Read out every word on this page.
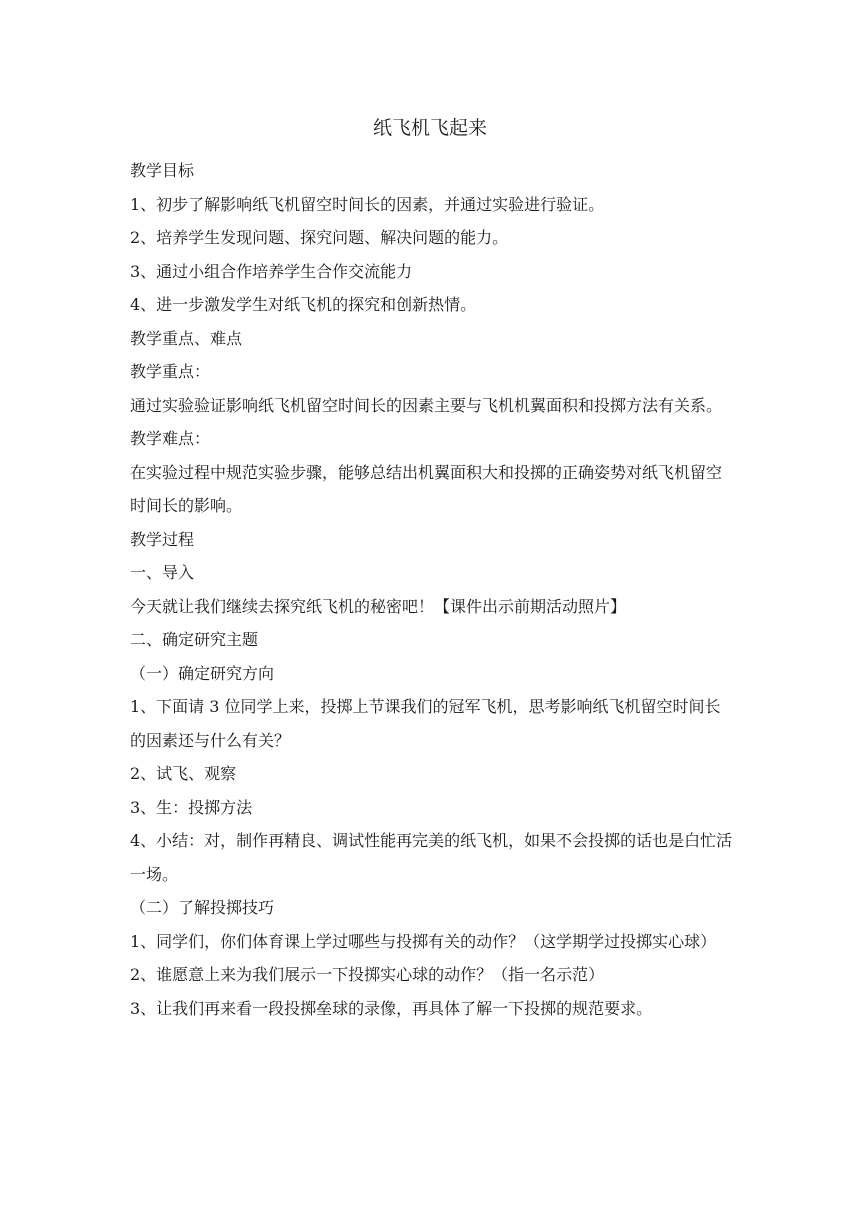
纸飞机飞起来

教学目标

1、初步了解影响纸飞机留空时间长的因素，并通过实验进行验证。

2、培养学生发现问题、探究问题、解决问题的能力。

3、通过小组合作培养学生合作交流能力

4、进一步激发学生对纸飞机的探究和创新热情。

教学重点、难点

教学重点：

通过实验验证影响纸飞机留空时间长的因素主要与飞机机翼面积和投掷方法有关系。

教学难点：

在实验过程中规范实验步骤，能够总结出机翼面积大和投掷的正确姿势对纸飞机留空时间长的影响。

教学过程

一、导入

今天就让我们继续去探究纸飞机的秘密吧！【课件出示前期活动照片】

二、确定研究主题

（一）确定研究方向

1、下面请 3 位同学上来，投掷上节课我们的冠军飞机，思考影响纸飞机留空时间长的因素还与什么有关？

2、试飞、观察

3、生：投掷方法

4、小结：对，制作再精良、调试性能再完美的纸飞机，如果不会投掷的话也是白忙活一场。

（二）了解投掷技巧

1、同学们，你们体育课上学过哪些与投掷有关的动作？（这学期学过投掷实心球）

2、谁愿意上来为我们展示一下投掷实心球的动作？（指一名示范）

3、让我们再来看一段投掷垒球的录像，再具体了解一下投掷的规范要求。
